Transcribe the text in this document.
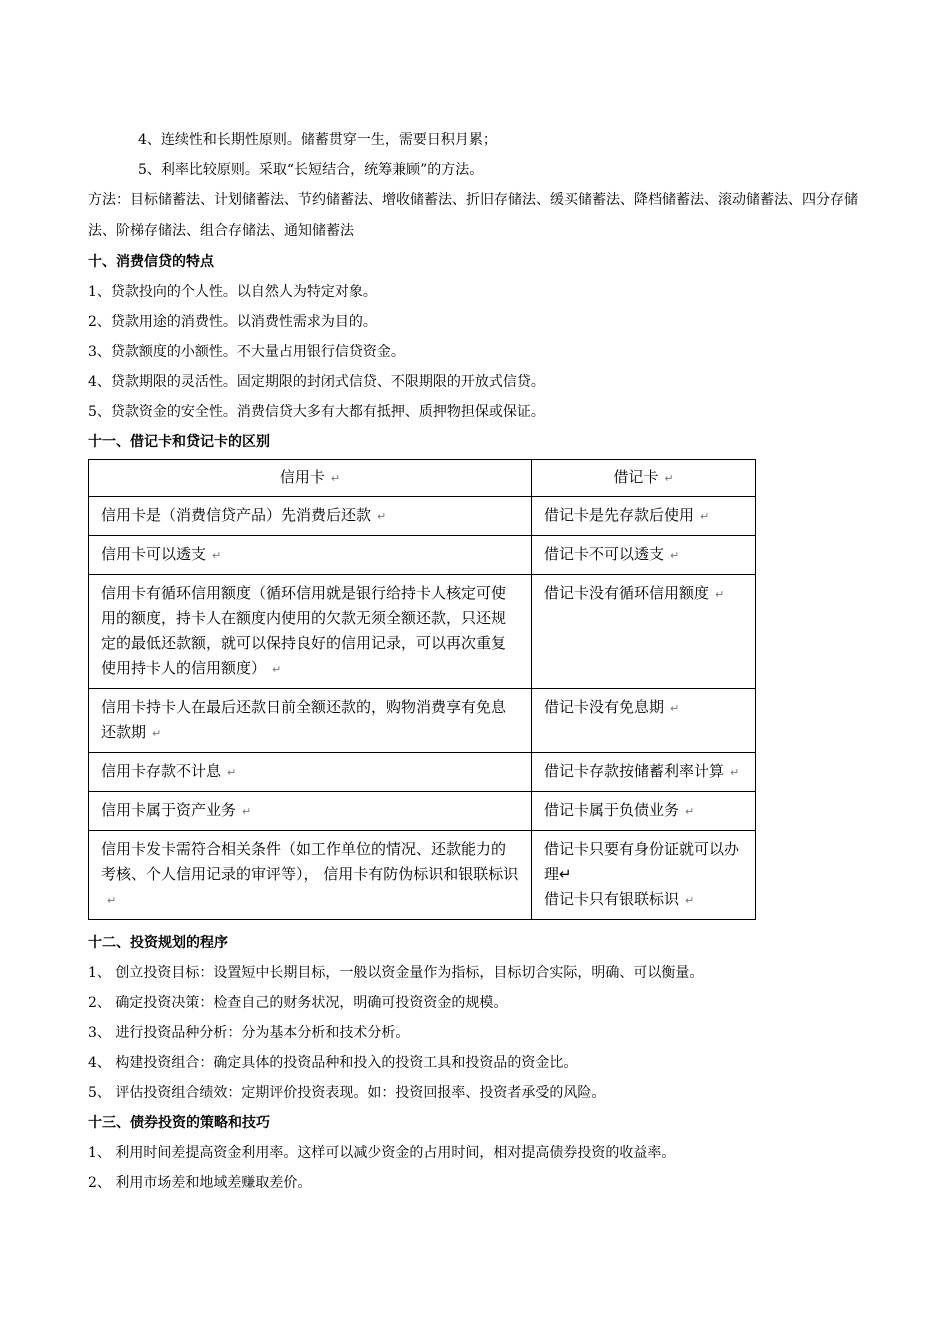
4、连续性和长期性原则。储蓄贯穿一生，需要日积月累；
5、利率比较原则。采取“长短结合，统筹兼顾”的方法。
方法：目标储蓄法、计划储蓄法、节约储蓄法、增收储蓄法、折旧存储法、缓买储蓄法、降档储蓄法、滚动储蓄法、四分存储法、阶梯存储法、组合存储法、通知储蓄法
十、消费信贷的特点
1、贷款投向的个人性。以自然人为特定对象。
2、贷款用途的消费性。以消费性需求为目的。
3、贷款额度的小额性。不大量占用银行信贷资金。
4、贷款期限的灵活性。固定期限的封闭式信贷、不限期限的开放式信贷。
5、贷款资金的安全性。消费信贷大多有大都有抵押、质押物担保或保证。
十一、借记卡和贷记卡的区别
信用卡 ↵	借记卡 ↵
信用卡是（消费信贷产品）先消费后还款 ↵	借记卡是先存款后使用 ↵
信用卡可以透支 ↵	借记卡不可以透支 ↵
信用卡有循环信用额度（循环信用就是银行给持卡人核定可使用的额度，持卡人在额度内使用的欠款无须全额还款，只还规定的最低还款额，就可以保持良好的信用记录，可以再次重复使用持卡人的信用额度） ↵	借记卡没有循环信用额度 ↵
信用卡持卡人在最后还款日前全额还款的，购物消费享有免息还款期 ↵	借记卡没有免息期 ↵
信用卡存款不计息 ↵	借记卡存款按储蓄利率计算 ↵
信用卡属于资产业务 ↵	借记卡属于负债业务 ↵
信用卡发卡需符合相关条件（如工作单位的情况、还款能力的考核、个人信用记录的审评等）， 信用卡有防伪标识和银联标识↵	借记卡只要有身份证就可以办理↵
借记卡只有银联标识 ↵
十二、投资规划的程序
1、 创立投资目标：设置短中长期目标，一般以资金量作为指标，目标切合实际，明确、可以衡量。
2、 确定投资决策：检查自己的财务状况，明确可投资资金的规模。
3、 进行投资品种分析：分为基本分析和技术分析。
4、 构建投资组合：确定具体的投资品种和投入的投资工具和投资品的资金比。
5、 评估投资组合绩效：定期评价投资表现。如：投资回报率、投资者承受的风险。
十三、债券投资的策略和技巧
1、 利用时间差提高资金利用率。这样可以减少资金的占用时间，相对提高债券投资的收益率。
2、 利用市场差和地域差赚取差价。
